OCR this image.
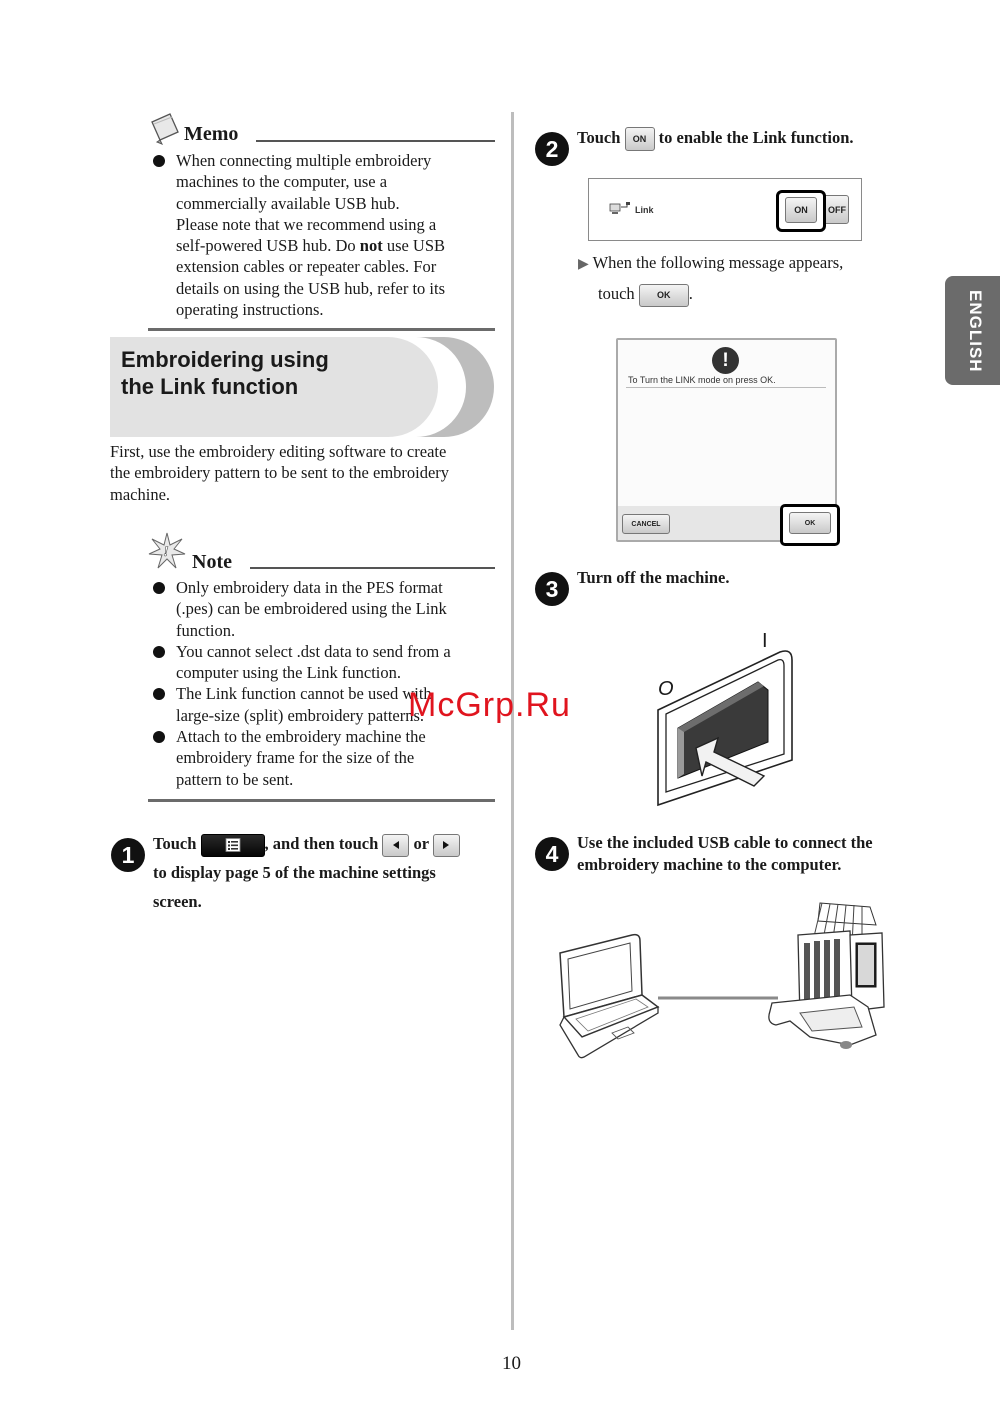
ENGLISH
Memo
When connecting multiple embroidery
machines to the computer, use a
commercially available USB hub.
Please note that we recommend using a
self-powered USB hub. Do not use USB
extension cables or repeater cables. For
details on using the USB hub, refer to its
operating instructions.
Embroidering using
the Link function
First, use the embroidery editing software to create
the embroidery pattern to be sent to the embroidery
machine.
! Note
Only embroidery data in the PES format
(.pes) can be embroidered using the Link
function.
You cannot select .dst data to send from a
computer using the Link function.
The Link function cannot be used with
large-size (split) embroidery patterns.
Attach to the embroidery machine the
embroidery frame for the size of the
pattern to be sent.
1	Touch	, and then touch or

to display page 5 of the machine settings
screen.
2	Touch ON to enable the Link function.
Link	OFF
ON
▶ When the following message appears,
touch OK .
!
To Turn the LINK mode on press OK.
CANCEL	OK
3	Turn off the machine.
I
O
4	Use the included USB cable to connect the
embroidery machine to the computer.
McGrp.Ru
10
